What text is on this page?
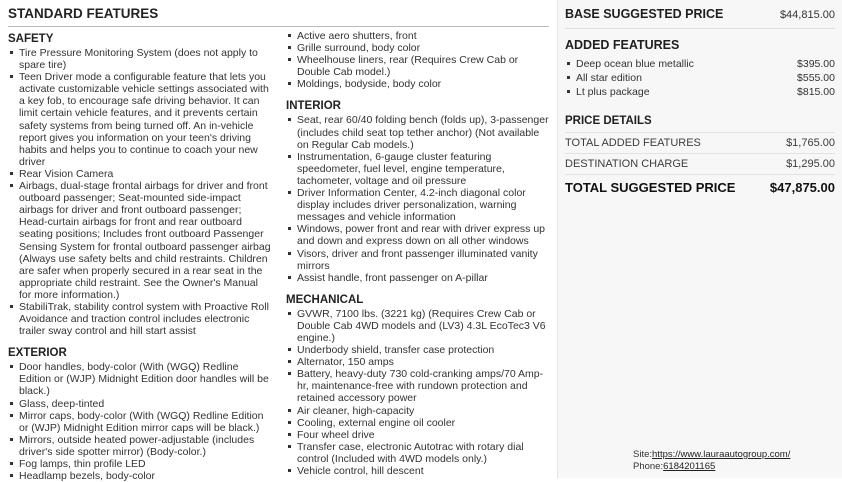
STANDARD FEATURES
SAFETY
Tire Pressure Monitoring System (does not apply to spare tire)
Teen Driver mode a configurable feature that lets you activate customizable vehicle settings associated with a key fob, to encourage safe driving behavior. It can limit certain vehicle features, and it prevents certain safety systems from being turned off. An in-vehicle report gives you information on your teen's driving habits and helps you to continue to coach your new driver
Rear Vision Camera
Airbags, dual-stage frontal airbags for driver and front outboard passenger; Seat-mounted side-impact airbags for driver and front outboard passenger; Head-curtain airbags for front and rear outboard seating positions; Includes front outboard Passenger Sensing System for frontal outboard passenger airbag (Always use safety belts and child restraints. Children are safer when properly secured in a rear seat in the appropriate child restraint. See the Owner's Manual for more information.)
StabiliTrak, stability control system with Proactive Roll Avoidance and traction control includes electronic trailer sway control and hill start assist
EXTERIOR
Door handles, body-color (With (WGQ) Redline Edition or (WJP) Midnight Edition door handles will be black.)
Glass, deep-tinted
Mirror caps, body-color (With (WGQ) Redline Edition or (WJP) Midnight Edition mirror caps will be black.)
Mirrors, outside heated power-adjustable (includes driver's side spotter mirror) (Body-color.)
Fog lamps, thin profile LED
Headlamp bezels, body-color
Active aero shutters, front
Grille surround, body color
Wheelhouse liners, rear (Requires Crew Cab or Double Cab model.)
Moldings, bodyside, body color
INTERIOR
Seat, rear 60/40 folding bench (folds up), 3-passenger (includes child seat top tether anchor) (Not available on Regular Cab models.)
Instrumentation, 6-gauge cluster featuring speedometer, fuel level, engine temperature, tachometer, voltage and oil pressure
Driver Information Center, 4.2-inch diagonal color display includes driver personalization, warning messages and vehicle information
Windows, power front and rear with driver express up and down and express down on all other windows
Visors, driver and front passenger illuminated vanity mirrors
Assist handle, front passenger on A-pillar
MECHANICAL
GVWR, 7100 lbs. (3221 kg) (Requires Crew Cab or Double Cab 4WD models and (LV3) 4.3L EcoTec3 V6 engine.)
Underbody shield, transfer case protection
Alternator, 150 amps
Battery, heavy-duty 730 cold-cranking amps/70 Amp-hr, maintenance-free with rundown protection and retained accessory power
Air cleaner, high-capacity
Cooling, external engine oil cooler
Four wheel drive
Transfer case, electronic Autotrac with rotary dial control (Included with 4WD models only.)
Vehicle control, hill descent
BASE SUGGESTED PRICE	$44,815.00
ADDED FEATURES
Deep ocean blue metallic	$395.00
All star edition	$555.00
Lt plus package	$815.00
PRICE DETAILS
TOTAL ADDED FEATURES	$1,765.00
DESTINATION CHARGE	$1,295.00
TOTAL SUGGESTED PRICE	$47,875.00
Site:https://www.lauraautogroup.com/
Phone:6184201165
